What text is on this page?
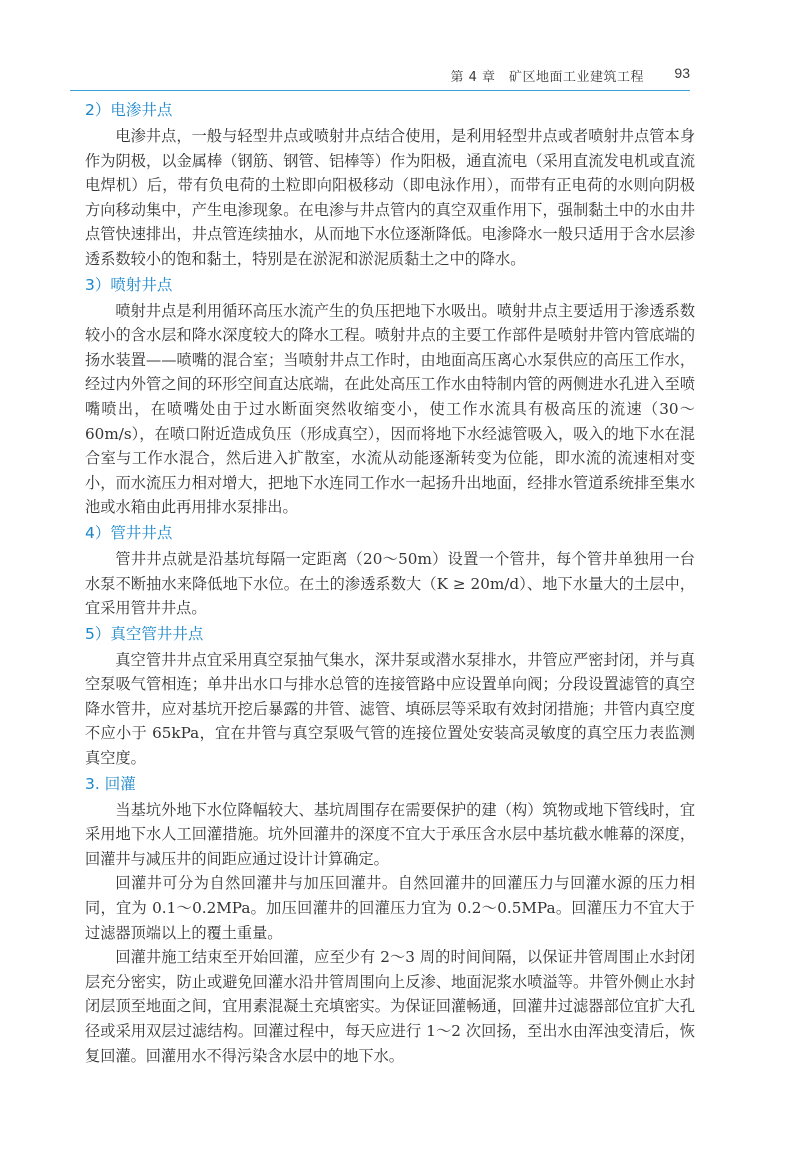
第 4 章　矿区地面工业建筑工程 93
2）电渗井点

电渗井点，一般与轻型井点或喷射井点结合使用，是利用轻型井点或者喷射井点管本身作为阴极，以金属棒（钢筋、钢管、铝棒等）作为阳极，通直流电（采用直流发电机或直流电焊机）后，带有负电荷的土粒即向阳极移动（即电泳作用），而带有正电荷的水则向阴极方向移动集中，产生电渗现象。在电渗与井点管内的真空双重作用下，强制黏土中的水由井点管快速排出，井点管连续抽水，从而地下水位逐渐降低。电渗降水一般只适用于含水层渗透系数较小的饱和黏土，特别是在淤泥和淤泥质黏土之中的降水。

3）喷射井点

喷射井点是利用循环高压水流产生的负压把地下水吸出。喷射井点主要适用于渗透系数较小的含水层和降水深度较大的降水工程。喷射井点的主要工作部件是喷射井管内管底端的扬水装置——喷嘴的混合室；当喷射井点工作时，由地面高压离心水泵供应的高压工作水，经过内外管之间的环形空间直达底端，在此处高压工作水由特制内管的两侧进水孔进入至喷嘴喷出，在喷嘴处由于过水断面突然收缩变小，使工作水流具有极高压的流速（30～60m/s），在喷口附近造成负压（形成真空），因而将地下水经滤管吸入，吸入的地下水在混合室与工作水混合，然后进入扩散室，水流从动能逐渐转变为位能，即水流的流速相对变小，而水流压力相对增大，把地下水连同工作水一起扬升出地面，经排水管道系统排至集水池或水箱由此再用排水泵排出。

4）管井井点

管井井点就是沿基坑每隔一定距离（20～50m）设置一个管井，每个管井单独用一台水泵不断抽水来降低地下水位。在土的渗透系数大（K ≥ 20m/d）、地下水量大的土层中，宜采用管井井点。

5）真空管井井点

真空管井井点宜采用真空泵抽气集水，深井泵或潜水泵排水，井管应严密封闭，并与真空泵吸气管相连；单井出水口与排水总管的连接管路中应设置单向阀；分段设置滤管的真空降水管井，应对基坑开挖后暴露的井管、滤管、填砾层等采取有效封闭措施；井管内真空度不应小于 65kPa，宜在井管与真空泵吸气管的连接位置处安装高灵敏度的真空压力表监测真空度。

3. 回灌

当基坑外地下水位降幅较大、基坑周围存在需要保护的建（构）筑物或地下管线时，宜采用地下水人工回灌措施。坑外回灌井的深度不宜大于承压含水层中基坑截水帷幕的深度，回灌井与减压井的间距应通过设计计算确定。

回灌井可分为自然回灌井与加压回灌井。自然回灌井的回灌压力与回灌水源的压力相同，宜为 0.1～0.2MPa。加压回灌井的回灌压力宜为 0.2～0.5MPa。回灌压力不宜大于过滤器顶端以上的覆土重量。

回灌井施工结束至开始回灌，应至少有 2～3 周的时间间隔，以保证井管周围止水封闭层充分密实，防止或避免回灌水沿井管周围向上反渗、地面泥浆水喷溢等。井管外侧止水封闭层顶至地面之间，宜用素混凝土充填密实。为保证回灌畅通，回灌井过滤器部位宜扩大孔径或采用双层过滤结构。回灌过程中，每天应进行 1～2 次回扬，至出水由浑浊变清后，恢复回灌。回灌用水不得污染含水层中的地下水。
